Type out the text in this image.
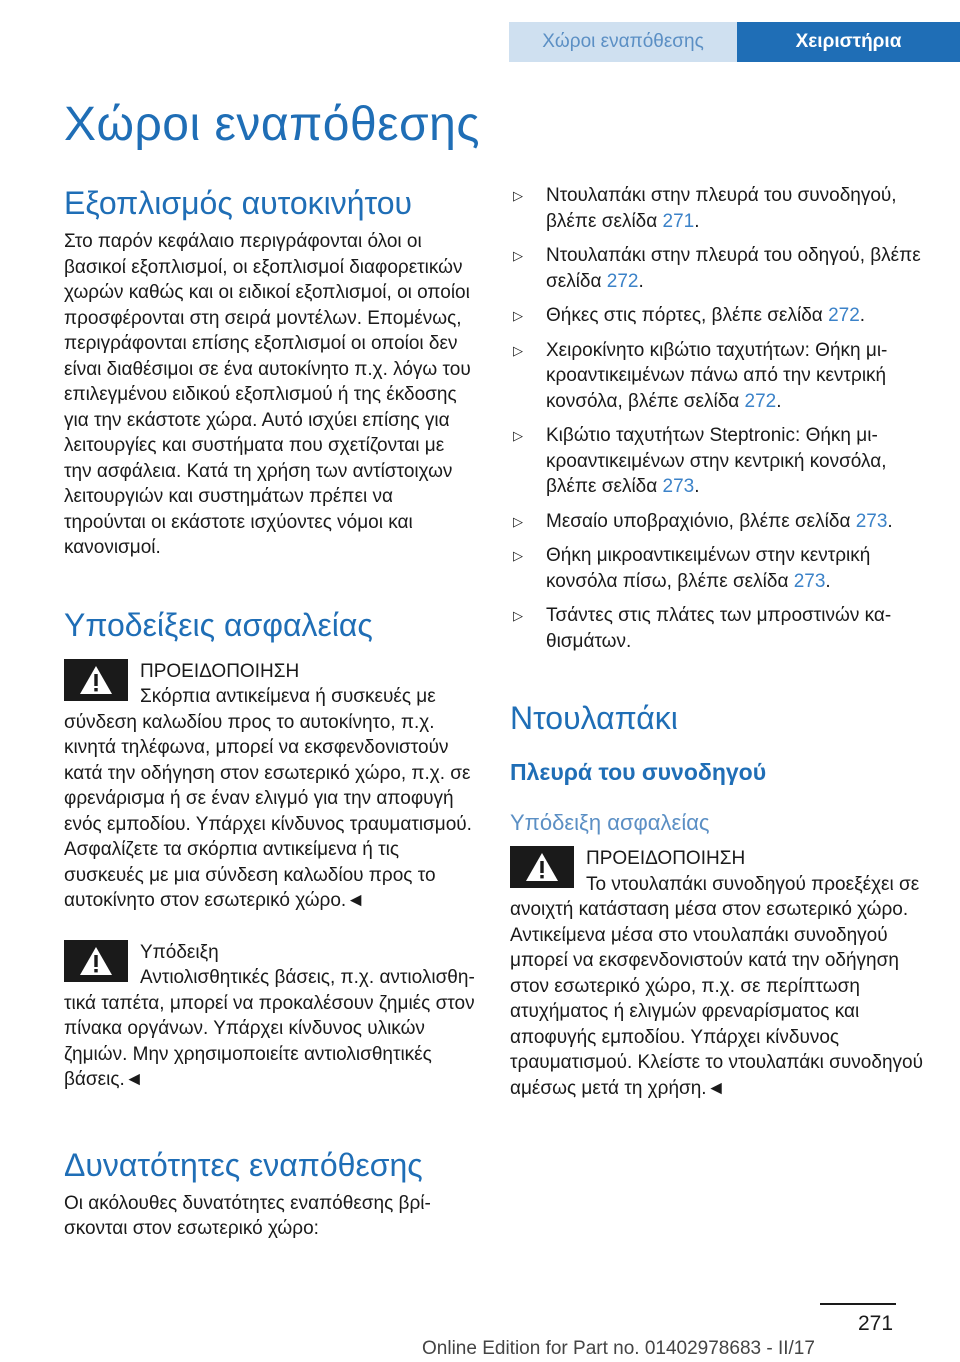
Χώροι εναπόθεσης	Χειριστήρια
Χώροι εναπόθεσης
Εξοπλισμός αυτοκινήτου

Στο παρόν κεφάλαιο περιγράφονται όλοι οι βασικοί εξοπλισμοί, οι εξοπλισμοί διαφορετικών χωρών καθώς και οι ειδικοί εξοπλισμοί, οι οποίοι προσφέρονται στη σειρά μοντέλων. Επομένως, περιγράφονται επίσης εξοπλισμοί οι οποίοι δεν είναι διαθέσιμοι σε ένα αυτοκίνητο π.χ. λόγω του επιλεγμένου ειδικού εξοπλισμού ή της έκδοσης για την εκάστοτε χώρα. Αυτό ισχύει επίσης για λειτουργίες και συστήματα που σχετίζονται με την ασφάλεια. Κατά τη χρήση των αντίστοιχων λειτουργιών και συστημάτων πρέπει να τηρούνται οι εκάστοτε ισχύοντες νόμοι και κανονισμοί.

Υποδείξεις ασφαλείας

ΠΡΟΕΙΔΟΠΟΙΗΣΗ

Σκόρπια αντικείμενα ή συσκευές με σύνδεση καλωδίου προς το αυτοκίνητο, π.χ. κινητά τηλέφωνα, μπορεί να εκσφενδονιστούν κατά την οδήγηση στον εσωτερικό χώρο, π.χ. σε φρενάρισμα ή σε έναν ελιγμό για την αποφυγή ενός εμποδίου. Υπάρχει κίνδυνος τραυματισμού. Ασφαλίζετε τα σκόρπια αντικείμενα ή τις συσκευές με μια σύνδεση καλωδίου προς το αυτοκίνητο στον εσωτερικό χώρο.◄

Υπόδειξη

Αντιολισθητικές βάσεις, π.χ. αντιολισθητικά ταπέτα, μπορεί να προκαλέσουν ζημιές στον πίνακα οργάνων. Υπάρχει κίνδυνος υλικών ζημιών. Μην χρησιμοποιείτε αντιολισθητικές βάσεις.◄

Δυνατότητες εναπόθεσης

Οι ακόλουθες δυνατότητες εναπόθεσης βρίσκονται στον εσωτερικό χώρο:

▷ Ντουλαπάκι στην πλευρά του συνοδηγού, βλέπε σελίδα 271.
▷ Ντουλαπάκι στην πλευρά του οδηγού, βλέπε σελίδα 272.
▷ Θήκες στις πόρτες, βλέπε σελίδα 272.
▷ Χειροκίνητο κιβώτιο ταχυτήτων: Θήκη μικροαντικειμένων πάνω από την κεντρική κονσόλα, βλέπε σελίδα 272.
▷ Κιβώτιο ταχυτήτων Steptronic: Θήκη μικροαντικειμένων στην κεντρική κονσόλα, βλέπε σελίδα 273.
▷ Μεσαίο υποβραχιόνιο, βλέπε σελίδα 273.
▷ Θήκη μικροαντικειμένων στην κεντρική κονσόλα πίσω, βλέπε σελίδα 273.
▷ Τσάντες στις πλάτες των μπροστινών καθισμάτων.
Ντουλαπάκι
Πλευρά του συνοδηγού
Υπόδειξη ασφαλείας

ΠΡΟΕΙΔΟΠΟΙΗΣΗ

Το ντουλαπάκι συνοδηγού προεξέχει σε ανοιχτή κατάσταση μέσα στον εσωτερικό χώρο. Αντικείμενα μέσα στο ντουλαπάκι συνοδηγού μπορεί να εκσφενδονιστούν κατά την οδήγηση στον εσωτερικό χώρο, π.χ. σε περίπτωση ατυχήματος ή ελιγμών φρεναρίσματος και αποφυγής εμποδίου. Υπάρχει κίνδυνος τραυματισμού. Κλείστε το ντουλαπάκι συνοδηγού αμέσως μετά τη χρήση.◄

271
Online Edition for Part no. 01402978683 - II/17
